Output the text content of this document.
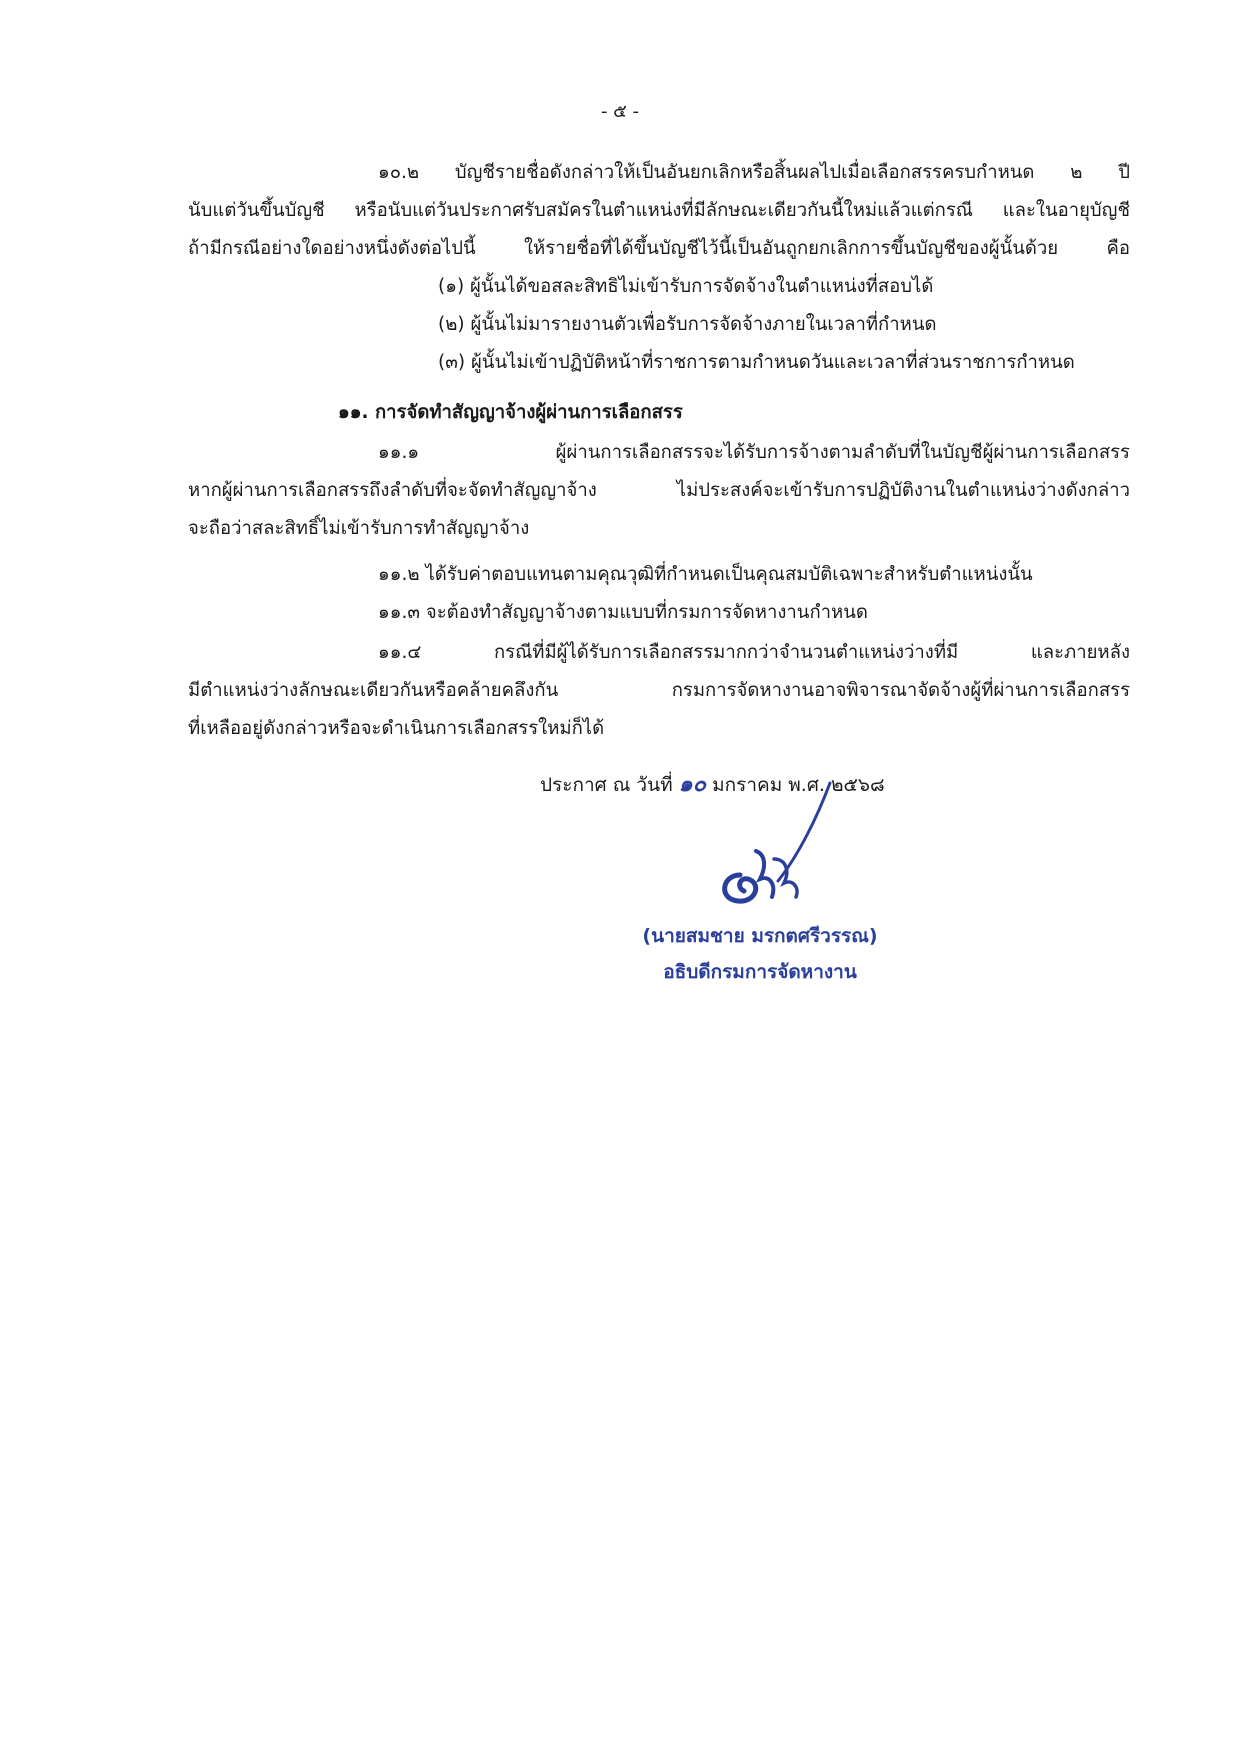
- ๕ -
๑๐.๒ บัญชีรายชื่อดังกล่าวให้เป็นอันยกเลิกหรือสิ้นผลไปเมื่อเลือกสรรครบกำหนด ๒ ปี
นับแต่วันขึ้นบัญชี หรือนับแต่วันประกาศรับสมัครในตำแหน่งที่มีลักษณะเดียวกันนี้ใหม่แล้วแต่กรณี และในอายุบัญชี
ถ้ามีกรณีอย่างใดอย่างหนึ่งดังต่อไปนี้ ให้รายชื่อที่ได้ขึ้นบัญชีไว้นี้เป็นอันถูกยกเลิกการขึ้นบัญชีของผู้นั้นด้วย คือ
(๑) ผู้นั้นได้ขอสละสิทธิไม่เข้ารับการจัดจ้างในตำแหน่งที่สอบได้
(๒) ผู้นั้นไม่มารายงานตัวเพื่อรับการจัดจ้างภายในเวลาที่กำหนด
(๓) ผู้นั้นไม่เข้าปฏิบัติหน้าที่ราชการตามกำหนดวันและเวลาที่ส่วนราชการกำหนด
๑๑. การจัดทำสัญญาจ้างผู้ผ่านการเลือกสรร
๑๑.๑ ผู้ผ่านการเลือกสรรจะได้รับการจ้างตามลำดับที่ในบัญชีผู้ผ่านการเลือกสรร
หากผู้ผ่านการเลือกสรรถึงลำดับที่จะจัดทำสัญญาจ้าง ไม่ประสงค์จะเข้ารับการปฏิบัติงานในตำแหน่งว่างดังกล่าว
จะถือว่าสละสิทธิ์ไม่เข้ารับการทำสัญญาจ้าง
๑๑.๒ ได้รับค่าตอบแทนตามคุณวุฒิที่กำหนดเป็นคุณสมบัติเฉพาะสำหรับตำแหน่งนั้น
๑๑.๓ จะต้องทำสัญญาจ้างตามแบบที่กรมการจัดหางานกำหนด
๑๑.๔ กรณีที่มีผู้ได้รับการเลือกสรรมากกว่าจำนวนตำแหน่งว่างที่มี และภายหลัง
มีตำแหน่งว่างลักษณะเดียวกันหรือคล้ายคลึงกัน กรมการจัดหางานอาจพิจารณาจัดจ้างผู้ที่ผ่านการเลือกสรร
ที่เหลืออยู่ดังกล่าวหรือจะดำเนินการเลือกสรรใหม่ก็ได้
ประกาศ ณ วันที่ ๑๐ มกราคม พ.ศ. ๒๕๖๘
(นายสมชาย มรกตศรีวรรณ)
อธิบดีกรมการจัดหางาน
